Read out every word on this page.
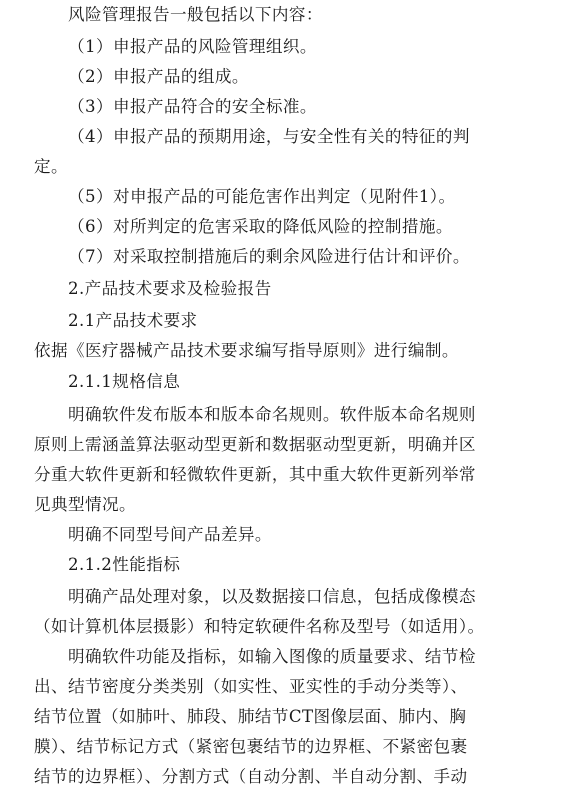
风险管理报告一般包括以下内容：
（1）申报产品的风险管理组织。
（2）申报产品的组成。
（3）申报产品符合的安全标准。
（4）申报产品的预期用途，与安全性有关的特征的判
定。
（5）对申报产品的可能危害作出判定（见附件1）。
（6）对所判定的危害采取的降低风险的控制措施。
（7）对采取控制措施后的剩余风险进行估计和评价。
2.产品技术要求及检验报告
2.1产品技术要求
依据《医疗器械产品技术要求编写指导原则》进行编制。
2.1.1规格信息
明确软件发布版本和版本命名规则。软件版本命名规则
原则上需涵盖算法驱动型更新和数据驱动型更新，明确并区
分重大软件更新和轻微软件更新，其中重大软件更新列举常
见典型情况。
明确不同型号间产品差异。
2.1.2性能指标
明确产品处理对象，以及数据接口信息，包括成像模态
（如计算机体层摄影）和特定软硬件名称及型号（如适用）。
明确软件功能及指标，如输入图像的质量要求、结节检
出、结节密度分类类别（如实性、亚实性的手动分类等）、
结节位置（如肺叶、肺段、肺结节CT图像层面、肺内、胸
膜）、结节标记方式（紧密包裹结节的边界框、不紧密包裹
结节的边界框）、分割方式（自动分割、半自动分割、手动
